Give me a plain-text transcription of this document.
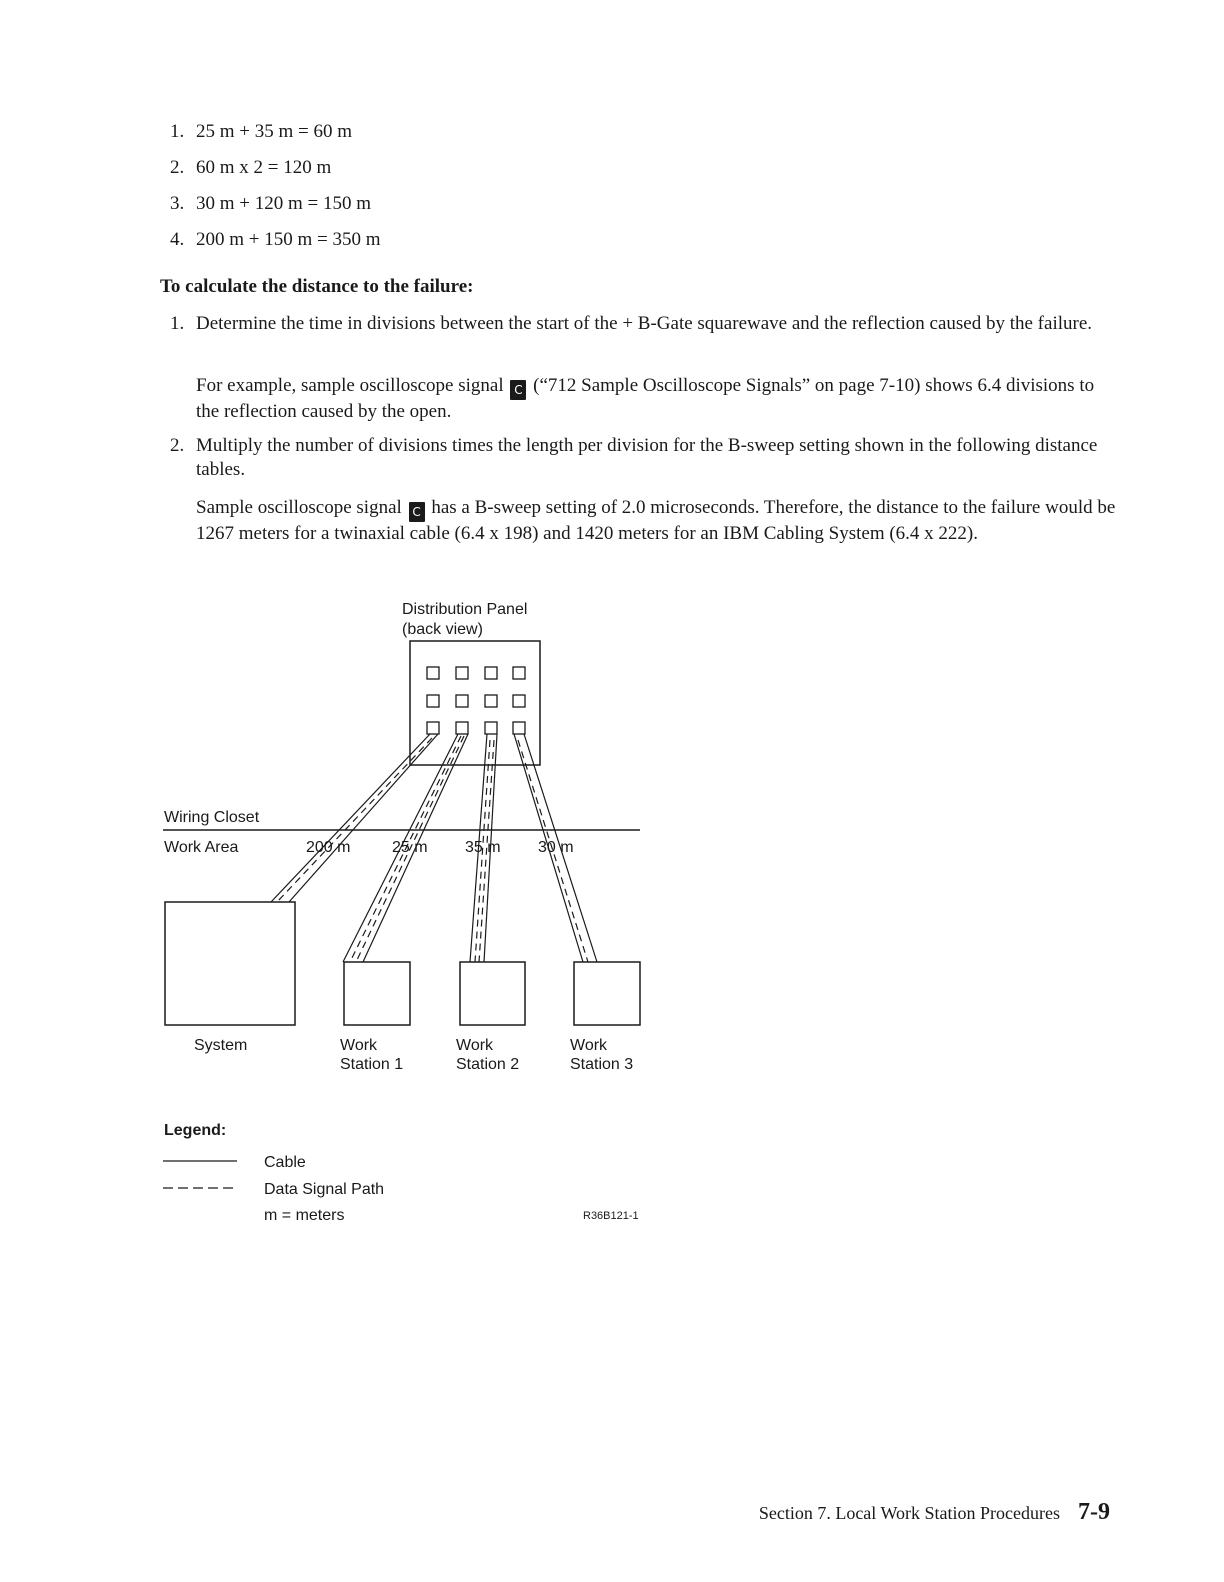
1. 25 m + 35 m = 60 m
2. 60 m x 2 = 120 m
3. 30 m + 120 m = 150 m
4. 200 m + 150 m = 350 m
To calculate the distance to the failure:
1. Determine the time in divisions between the start of the + B-Gate squarewave and the reflection caused by the failure.
For example, sample oscilloscope signal C (“712 Sample Oscilloscope Signals” on page 7-10) shows 6.4 divisions to the reflection caused by the open.
2. Multiply the number of divisions times the length per division for the B-sweep setting shown in the following distance tables.
Sample oscilloscope signal C has a B-sweep setting of 2.0 microseconds. Therefore, the distance to the failure would be 1267 meters for a twinaxial cable (6.4 x 198) and 1420 meters for an IBM Cabling System (6.4 x 222).
Distribution Panel
(back view)
Wiring Closet
Work Area	200 m	25 m 35 m 30 m
System	Work
Station 1
Work
Station 2
Work
Station 3
Legend:
Cable
Data Signal Path
m = meters	R36B121-1
Section 7. Local Work Station Procedures 7-9
